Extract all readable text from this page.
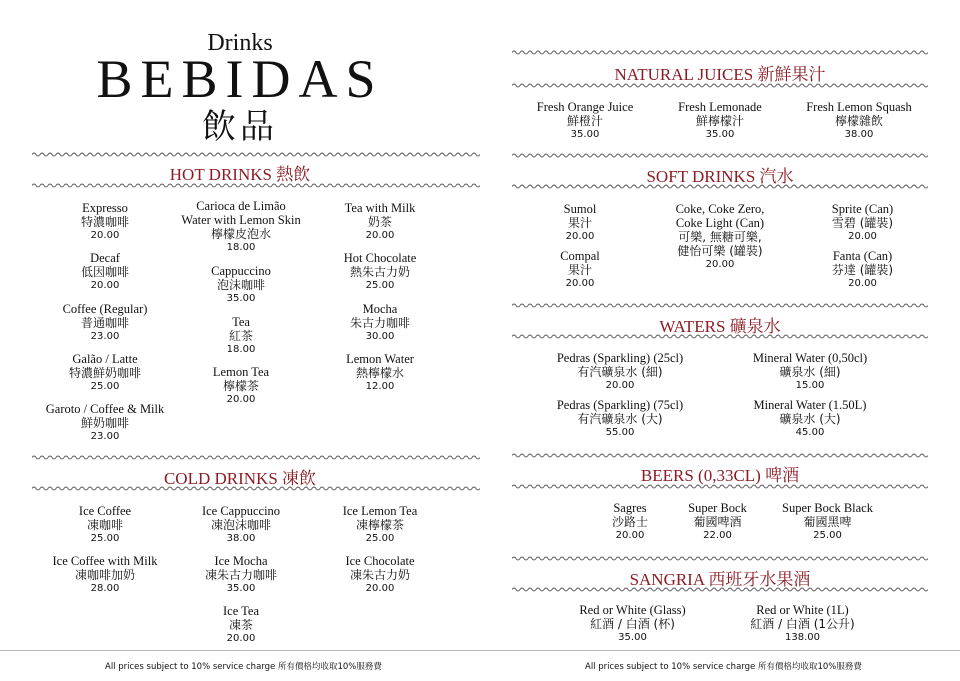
Drinks
BEBIDAS
飲品
HOT DRINKS 熱飲
COLD DRINKS 凍飲
NATURAL JUICES 新鮮果汁
SOFT DRINKS 汽水
WATERS 礦泉水
BEERS (0,33CL) 啤酒
SANGRIA 西班牙水果酒
Expresso
特濃咖啡
20.00
Decaf
低因咖啡
20.00
Coffee (Regular)
普通咖啡
23.00
Galão / Latte
特濃鮮奶咖啡
25.00
Garoto / Coffee & Milk
鮮奶咖啡
23.00
Carioca de Limão
Water with Lemon Skin
檸檬皮泡水
18.00
Cappuccino
泡沫咖啡
35.00
Tea
紅茶
18.00
Lemon Tea
檸檬茶
20.00
Tea with Milk
奶茶
20.00
Hot Chocolate
熱朱古力奶
25.00
Mocha
朱古力咖啡
30.00
Lemon Water
熱檸檬水
12.00
Ice Coffee
凍咖啡
25.00
Ice Coffee with Milk
凍咖啡加奶
28.00
Ice Cappuccino
凍泡沫咖啡
38.00
Ice Mocha
凍朱古力咖啡
35.00
Ice Tea
凍茶
20.00
Ice Lemon Tea
凍檸檬茶
25.00
Ice Chocolate
凍朱古力奶
20.00
Fresh Orange Juice
鮮橙汁
35.00
Fresh Lemonade
鮮檸檬汁
35.00
Fresh Lemon Squash
檸檬雜飲
38.00
Sumol
果汁
20.00
Compal
果汁
20.00
Coke, Coke Zero,
Coke Light (Can)
可樂, 無糖可樂,
健怡可樂 (罐裝)
20.00
Sprite (Can)
雪碧 (罐裝)
20.00
Fanta (Can)
芬達 (罐裝)
20.00
Pedras (Sparkling) (25cl)
有汽礦泉水 (細)
20.00
Pedras (Sparkling) (75cl)
有汽礦泉水 (大)
55.00
Mineral Water (0,50cl)
礦泉水 (細)
15.00
Mineral Water (1.50L)
礦泉水 (大)
45.00
Sagres
沙路士
20.00
Super Bock
葡國啤酒
22.00
Super Bock Black
葡國黑啤
25.00
Red or White (Glass)
紅酒 / 白酒 (杯)
35.00
Red or White (1L)
紅酒 / 白酒 (1公升)
138.00
All prices subject to 10% service charge 所有價格均收取10%服務費	All prices subject to 10% service charge 所有價格均收取10%服務費
